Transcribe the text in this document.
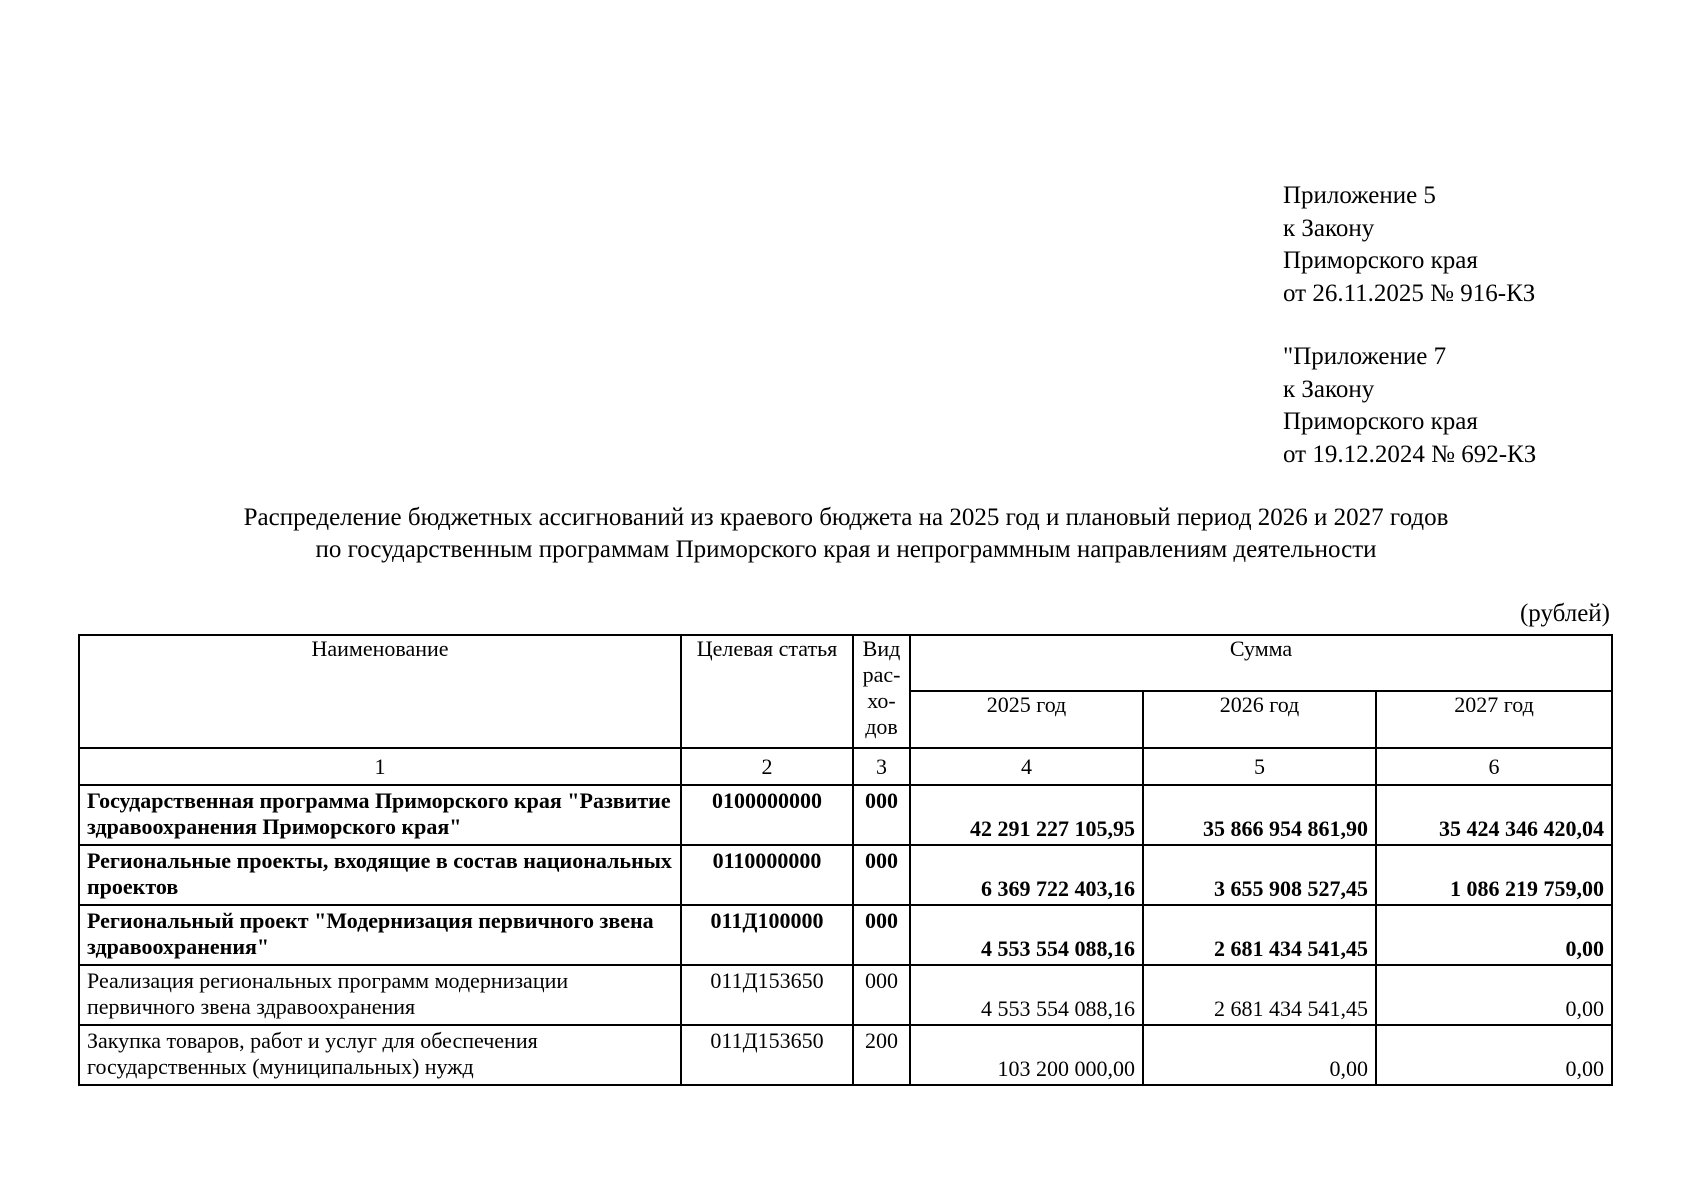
Приложение 5
к Закону
Приморского края
от 26.11.2025 № 916-КЗ
"Приложение 7
к Закону
Приморского края
от 19.12.2024 № 692-КЗ
Распределение бюджетных ассигнований из краевого бюджета на 2025 год и плановый период 2026 и 2027 годов
по государственным программам Приморского края и непрограммным направлениям деятельности
(рублей)
Наименование	Целевая статья	Вид
рас-
хо-
дов	Сумма		
			2025 год	2026 год	2027 год
1	2	3	4	5	6
Государственная программа Приморского края "Развитие здравоохранения Приморского края"	0100000000	000	42 291 227 105,95	35 866 954 861,90	35 424 346 420,04
Региональные проекты, входящие в состав национальных проектов	0110000000	000	6 369 722 403,16	3 655 908 527,45	1 086 219 759,00
Региональный проект "Модернизация первичного звена здравоохранения"	011Д100000	000	4 553 554 088,16	2 681 434 541,45	0,00
Реализация региональных программ модернизации первичного звена здравоохранения	011Д153650	000	4 553 554 088,16	2 681 434 541,45	0,00
Закупка товаров, работ и услуг для обеспечения государственных (муниципальных) нужд	011Д153650	200	103 200 000,00	0,00	0,00
